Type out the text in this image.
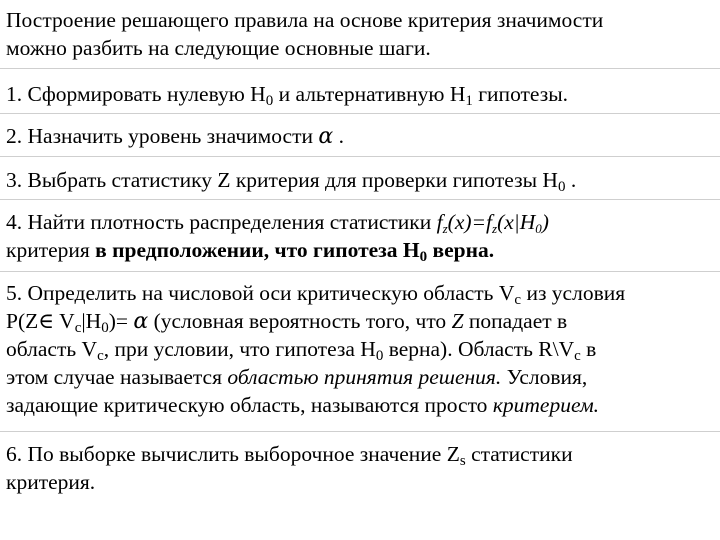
Построение решающего правила на основе критерия значимости
можно разбить на следующие основные шаги.
1. Сформировать нулевую $H_0$ и альтернативную $H_1$ гипотезы.
2. Назначить уровень значимости α .
3. Выбрать статистику Z критерия для проверки гипотезы $H_0$ .
4. Найти плотность распределения статистики fz(x)=fz(x|H0)
критерия в предположении, что гипотеза $H_0$ верна.
5. Определить на числовой оси критическую область $V_c$ из условия
P(Z∈ $V_c|H_0)= \alpha$ (условная вероятность того, что Z попадает в
область $V_c$, при условии, что гипотеза $H_0$ верна). Область $R\backslash V_c$ в
этом случае называется областью принятия решения. Условия,
задающие критическую область, называются просто критерием.
6. По выборке вычислить выборочное значение $Z_s$ статистики
критерия.
